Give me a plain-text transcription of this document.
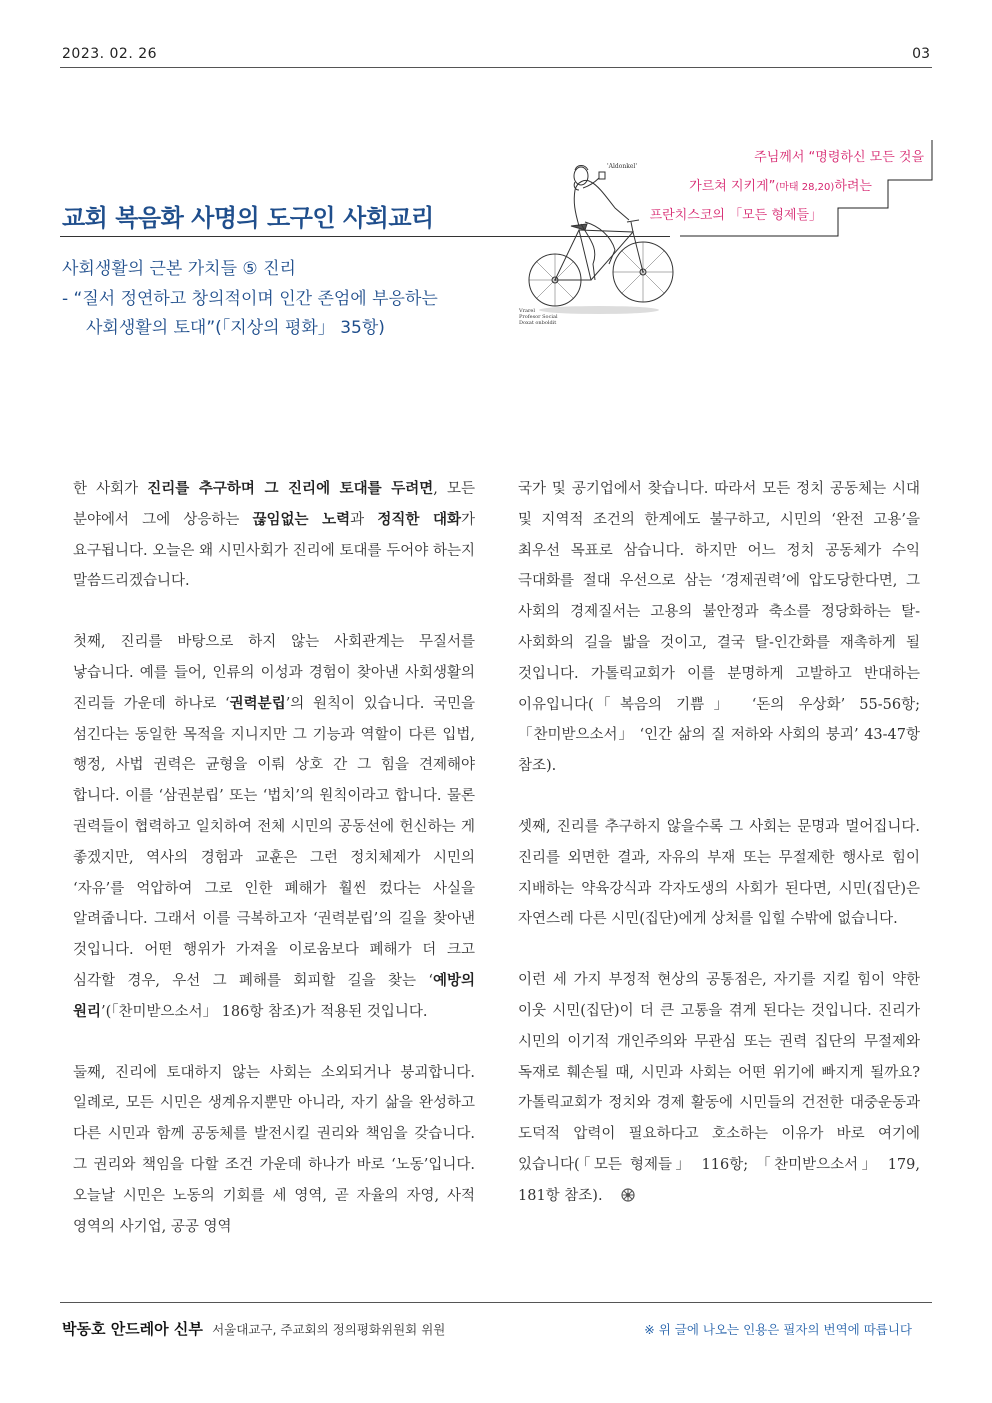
2023. 02. 26	03
주님께서 “명령하신 모든 것을
가르쳐 지키게”(마태 28,20)하려는
프란치스코의 「모든 형제들」
교회 복음화 사명의 도구인 사회교리
사회생활의 근본 가치들 ⑤ 진리
- “질서 정연하고 창의적이며 인간 존엄에 부응하는
사회생활의 토대”(「지상의 평화」 35항)
'Aldonkel'
Vrarel
Profesor Social
Doxat onboldit

한 사회가 진리를 추구하며 그 진리에 토대를 두려면, 모든 분야에서 그에 상응하는 끊임없는 노력과 정직한 대화가 요구됩니다. 오늘은 왜 시민사회가 진리에 토대를 두어야 하는지 말씀드리겠습니다.

첫째, 진리를 바탕으로 하지 않는 사회관계는 무질서를 낳습니다. 예를 들어, 인류의 이성과 경험이 찾아낸 사회생활의 진리들 가운데 하나로 ‘권력분립’의 원칙이 있습니다. 국민을 섬긴다는 동일한 목적을 지니지만 그 기능과 역할이 다른 입법, 행정, 사법 권력은 균형을 이뤄 상호 간 그 힘을 견제해야 합니다. 이를 ‘삼권분립’ 또는 ‘법치’의 원칙이라고 합니다. 물론 권력들이 협력하고 일치하여 전체 시민의 공동선에 헌신하는 게 좋겠지만, 역사의 경험과 교훈은 그런 정치체제가 시민의 ‘자유’를 억압하여 그로 인한 폐해가 훨씬 컸다는 사실을 알려줍니다. 그래서 이를 극복하고자 ‘권력분립’의 길을 찾아낸 것입니다. 어떤 행위가 가져올 이로움보다 폐해가 더 크고 심각할 경우, 우선 그 폐해를 회피할 길을 찾는 ‘예방의 원리’(「찬미받으소서」 186항 참조)가 적용된 것입니다.

둘째, 진리에 토대하지 않는 사회는 소외되거나 붕괴합니다. 일례로, 모든 시민은 생계유지뿐만 아니라, 자기 삶을 완성하고 다른 시민과 함께 공동체를 발전시킬 권리와 책임을 갖습니다. 그 권리와 책임을 다할 조건 가운데 하나가 바로 ‘노동’입니다. 오늘날 시민은 노동의 기회를 세 영역, 곧 자율의 자영, 사적 영역의 사기업, 공공 영역

국가 및 공기업에서 찾습니다. 따라서 모든 정치 공동체는 시대 및 지역적 조건의 한계에도 불구하고, 시민의 ‘완전 고용’을 최우선 목표로 삼습니다. 하지만 어느 정치 공동체가 수익 극대화를 절대 우선으로 삼는 ‘경제권력’에 압도당한다면, 그 사회의 경제질서는 고용의 불안정과 축소를 정당화하는 탈-사회화의 길을 밟을 것이고, 결국 탈-인간화를 재촉하게 될 것입니다. 가톨릭교회가 이를 분명하게 고발하고 반대하는 이유입니다(「복음의 기쁨」 ‘돈의 우상화’ 55-56항; 「찬미받으소서」 ‘인간 삶의 질 저하와 사회의 붕괴’ 43-47항 참조).

셋째, 진리를 추구하지 않을수록 그 사회는 문명과 멀어집니다. 진리를 외면한 결과, 자유의 부재 또는 무절제한 행사로 힘이 지배하는 약육강식과 각자도생의 사회가 된다면, 시민(집단)은 자연스레 다른 시민(집단)에게 상처를 입힐 수밖에 없습니다.

이런 세 가지 부정적 현상의 공통점은, 자기를 지킬 힘이 약한 이웃 시민(집단)이 더 큰 고통을 겪게 된다는 것입니다. 진리가 시민의 이기적 개인주의와 무관심 또는 권력 집단의 무절제와 독재로 훼손될 때, 시민과 사회는 어떤 위기에 빠지게 될까요? 가톨릭교회가 정치와 경제 활동에 시민들의 건전한 대중운동과 도덕적 압력이 필요하다고 호소하는 이유가 바로 여기에 있습니다(「모든 형제들」 116항; 「찬미받으소서」 179, 181항 참조).

박동호 안드레아 신부 서울대교구, 주교회의 정의평화위원회 위원	※ 위 글에 나오는 인용은 필자의 번역에 따릅니다
